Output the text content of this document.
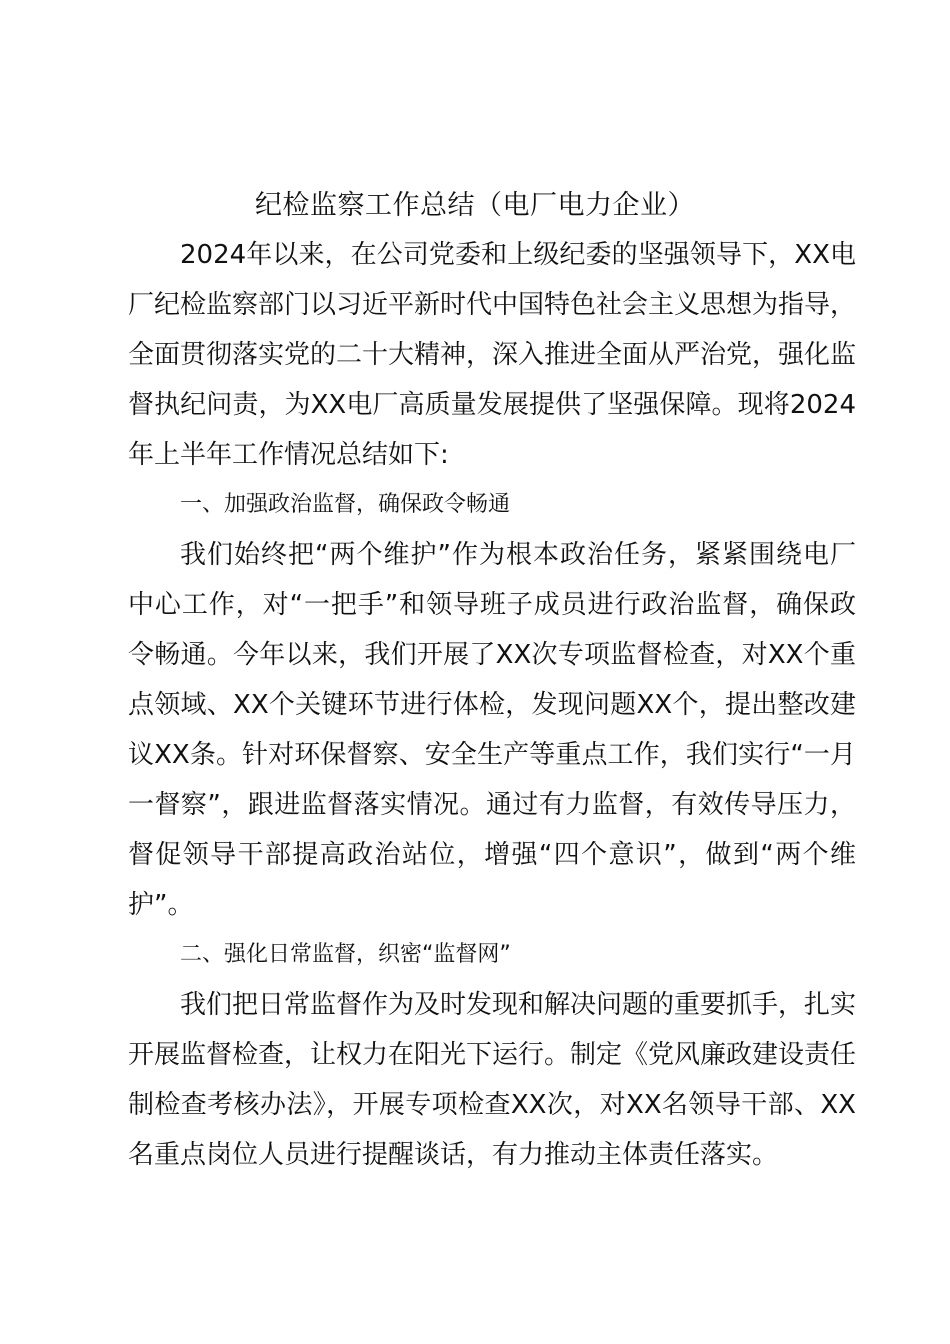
纪检监察工作总结（电厂电力企业）

2024年以来，在公司党委和上级纪委的坚强领导下，XX电厂纪检监察部门以习近平新时代中国特色社会主义思想为指导，全面贯彻落实党的二十大精神，深入推进全面从严治党，强化监督执纪问责，为XX电厂高质量发展提供了坚强保障。现将2024年上半年工作情况总结如下:

一、加强政治监督，确保政令畅通

我们始终把“两个维护”作为根本政治任务，紧紧围绕电厂中心工作，对“一把手”和领导班子成员进行政治监督，确保政令畅通。今年以来，我们开展了XX次专项监督检查，对XX个重点领域、XX个关键环节进行体检，发现问题XX个，提出整改建议XX条。针对环保督察、安全生产等重点工作，我们实行“一月一督察”，跟进监督落实情况。通过有力监督，有效传导压力，督促领导干部提高政治站位，增强“四个意识”，做到“两个维护”。

二、强化日常监督，织密“监督网”

我们把日常监督作为及时发现和解决问题的重要抓手，扎实开展监督检查，让权力在阳光下运行。制定《党风廉政建设责任制检查考核办法》，开展专项检查XX次，对XX名领导干部、XX名重点岗位人员进行提醒谈话，有力推动主体责任落实。
